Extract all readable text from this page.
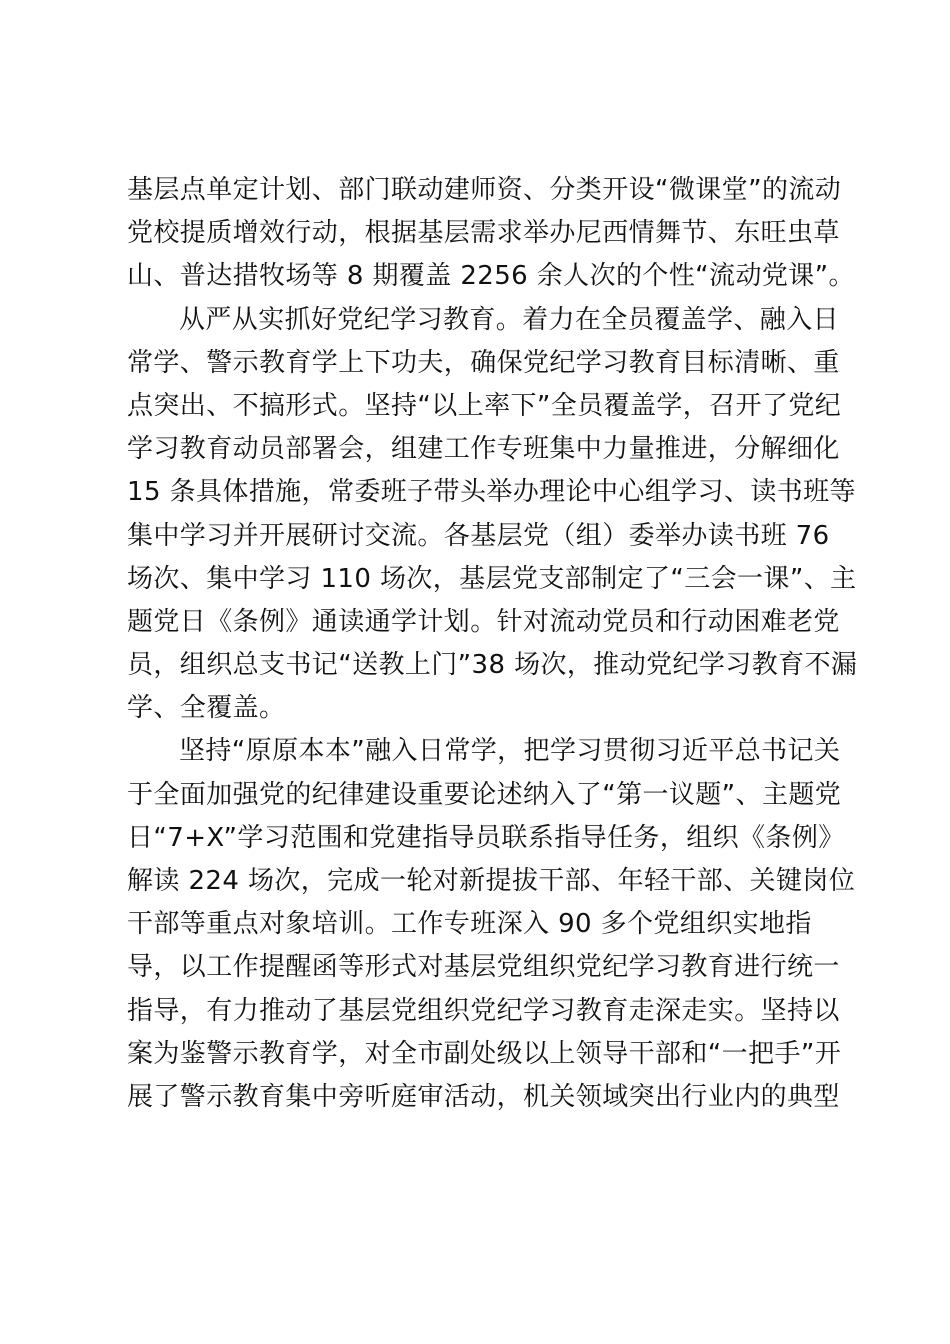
基层点单定计划、部门联动建师资、分类开设“微课堂”的流动
党校提质增效行动，根据基层需求举办尼西情舞节、东旺虫草
山、普达措牧场等 8 期覆盖 2256 余人次的个性“流动党课”。
从严从实抓好党纪学习教育。着力在全员覆盖学、融入日
常学、警示教育学上下功夫，确保党纪学习教育目标清晰、重
点突出、不搞形式。坚持“以上率下”全员覆盖学，召开了党纪
学习教育动员部署会，组建工作专班集中力量推进，分解细化
15 条具体措施，常委班子带头举办理论中心组学习、读书班等
集中学习并开展研讨交流。各基层党（组）委举办读书班 76
场次、集中学习 110 场次，基层党支部制定了“三会一课”、主
题党日《条例》通读通学计划。针对流动党员和行动困难老党
员，组织总支书记“送教上门”38 场次，推动党纪学习教育不漏
学、全覆盖。
坚持“原原本本”融入日常学，把学习贯彻习近平总书记关
于全面加强党的纪律建设重要论述纳入了“第一议题”、主题党
日“7+X”学习范围和党建指导员联系指导任务，组织《条例》
解读 224 场次，完成一轮对新提拔干部、年轻干部、关键岗位
干部等重点对象培训。工作专班深入 90 多个党组织实地指
导，以工作提醒函等形式对基层党组织党纪学习教育进行统一
指导，有力推动了基层党组织党纪学习教育走深走实。坚持以
案为鉴警示教育学，对全市副处级以上领导干部和“一把手”开
展了警示教育集中旁听庭审活动，机关领域突出行业内的典型
